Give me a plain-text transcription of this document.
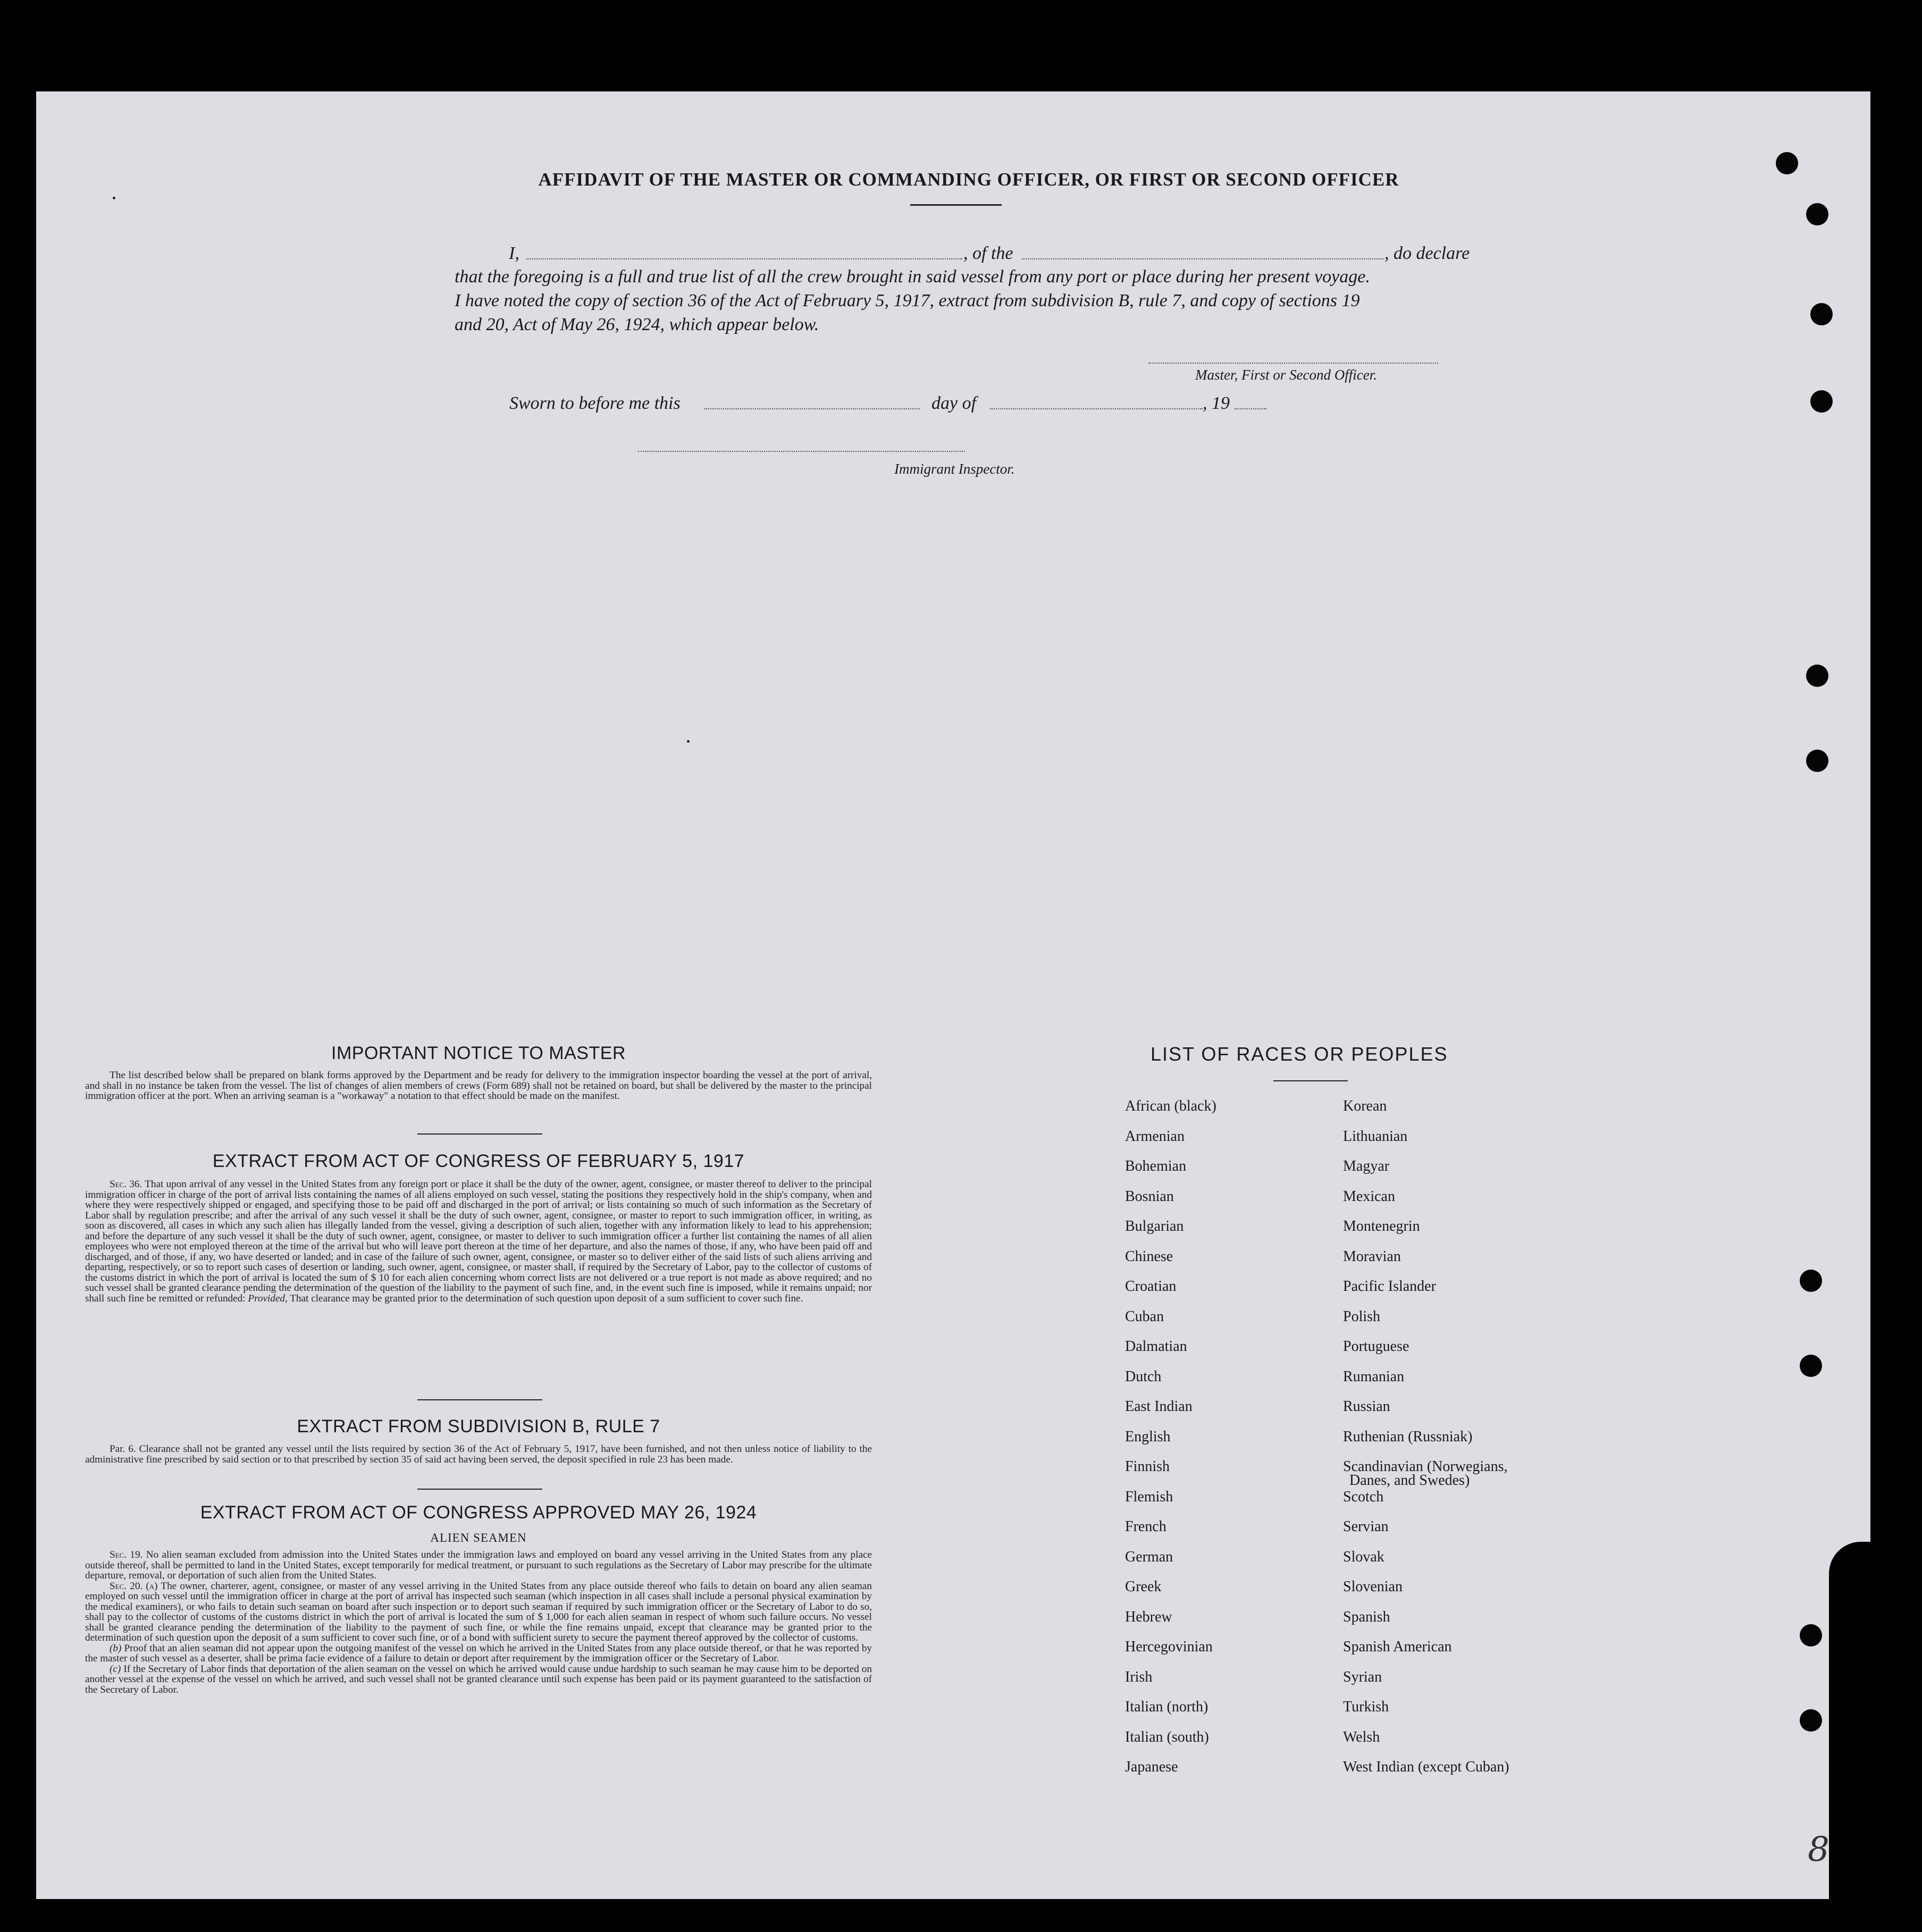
AFFIDAVIT OF THE MASTER OR COMMANDING OFFICER, OR FIRST OR SECOND OFFICER
I,	, of the	, do declare
that the foregoing is a full and true list of all the crew brought in said vessel from any port or place during her present voyage.
I have noted the copy of section 36 of the Act of February 5, 1917, extract from subdivision B, rule 7, and copy of sections 19
and 20, Act of May 26, 1924, which appear below.
Master, First or Second Officer.
Sworn to before me this	day of	, 19
Immigrant Inspector.
IMPORTANT NOTICE TO MASTER
The list described below shall be prepared on blank forms approved by the Department and be ready for delivery to the immigration inspector boarding the vessel at the port of arrival, and shall in no instance be taken from the vessel. The list of changes of alien members of crews (Form 689) shall not be retained on board, but shall be delivered by the master to the principal immigration officer at the port. When an arriving seaman is a "workaway" a notation to that effect should be made on the manifest.
EXTRACT FROM ACT OF CONGRESS OF FEBRUARY 5, 1917
Sec. 36. That upon arrival of any vessel in the United States from any foreign port or place it shall be the duty of the owner, agent, consignee, or master thereof to deliver to the principal immigration officer in charge of the port of arrival lists containing the names of all aliens employed on such vessel, stating the positions they respectively hold in the ship's company, when and where they were respectively shipped or engaged, and specifying those to be paid off and discharged in the port of arrival; or lists containing so much of such information as the Secretary of Labor shall by regulation prescribe; and after the arrival of any such vessel it shall be the duty of such owner, agent, consignee, or master to report to such immigration officer, in writing, as soon as discovered, all cases in which any such alien has illegally landed from the vessel, giving a description of such alien, together with any information likely to lead to his apprehension; and before the departure of any such vessel it shall be the duty of such owner, agent, consignee, or master to deliver to such immigration officer a further list containing the names of all alien employees who were not employed thereon at the time of the arrival but who will leave port thereon at the time of her departure, and also the names of those, if any, who have been paid off and discharged, and of those, if any, wo have deserted or landed; and in case of the failure of such owner, agent, consignee, or master so to deliver either of the said lists of such aliens arriving and departing, respectively, or so to report such cases of desertion or landing, such owner, agent, consignee, or master shall, if required by the Secretary of Labor, pay to the collector of customs of the customs district in which the port of arrival is located the sum of $ 10 for each alien concerning whom correct lists are not delivered or a true report is not made as above required; and no such vessel shall be granted clearance pending the determination of the question of the liability to the payment of such fine, and, in the event such fine is imposed, while it remains unpaid; nor shall such fine be remitted or refunded: Provided, That clearance may be granted prior to the determination of such question upon deposit of a sum sufficient to cover such fine.
EXTRACT FROM SUBDIVISION B, RULE 7
Par. 6. Clearance shall not be granted any vessel until the lists required by section 36 of the Act of February 5, 1917, have been furnished, and not then unless notice of liability to the administrative fine prescribed by said section or to that prescribed by section 35 of said act having been served, the deposit specified in rule 23 has been made.
EXTRACT FROM ACT OF CONGRESS APPROVED MAY 26, 1924
ALIEN SEAMEN
Sec. 19. No alien seaman excluded from admission into the United States under the immigration laws and employed on board any vessel arriving in the United States from any place outside thereof, shall be permitted to land in the United States, except temporarily for medical treatment, or pursuant to such regulations as the Secretary of Labor may prescribe for the ultimate departure, removal, or deportation of such alien from the United States.
Sec. 20. (a) The owner, charterer, agent, consignee, or master of any vessel arriving in the United States from any place outside thereof who fails to detain on board any alien seaman employed on such vessel until the immigration officer in charge at the port of arrival has inspected such seaman (which inspection in all cases shall include a personal physical examination by the medical examiners), or who fails to detain such seaman on board after such inspection or to deport such seaman if required by such immigration officer or the Secretary of Labor to do so, shall pay to the collector of customs of the customs district in which the port of arrival is located the sum of $ 1,000 for each alien seaman in respect of whom such failure occurs. No vessel shall be granted clearance pending the determination of the liability to the payment of such fine, or while the fine remains unpaid, except that clearance may be granted prior to the determination of such question upon the deposit of a sum sufficient to cover such fine, or of a bond with sufficient surety to secure the payment thereof approved by the collector of customs.
(b) Proof that an alien seaman did not appear upon the outgoing manifest of the vessel on which he arrived in the United States from any place outside thereof, or that he was reported by the master of such vessel as a deserter, shall be prima facie evidence of a failure to detain or deport after requirement by the immigration officer or the Secretary of Labor.
(c) If the Secretary of Labor finds that deportation of the alien seaman on the vessel on which he arrived would cause undue hardship to such seaman he may cause him to be deported on another vessel at the expense of the vessel on which he arrived, and such vessel shall not be granted clearance until such expense has been paid or its payment guaranteed to the satisfaction of the Secretary of Labor.
LIST OF RACES OR PEOPLES
African (black)
Armenian
Bohemian
Bosnian
Bulgarian
Chinese
Croatian
Cuban
Dalmatian
Dutch
East Indian
English
Finnish
Flemish
French
German
Greek
Hebrew
Hercegovinian
Irish
Italian (north)
Italian (south)
Japanese
Korean
Lithuanian
Magyar
Mexican
Montenegrin
Moravian
Pacific Islander
Polish
Portuguese
Rumanian
Russian
Ruthenian (Russniak)
Scandinavian (Norwegians,
Scotch
Servian
Slovak
Slovenian
Spanish
Spanish American
Syrian
Turkish
Welsh
West Indian (except Cuban)
Danes, and Swedes)
8
